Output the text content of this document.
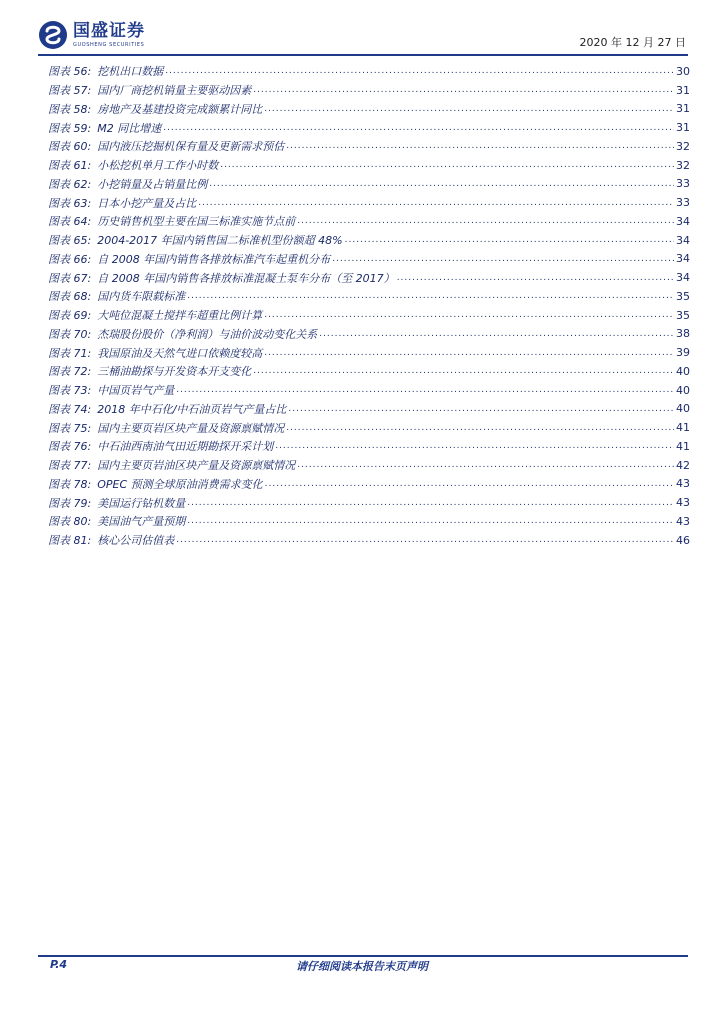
国盛证券
GUOSHENG SECURITIES	2020 年 12 月 27 日
图表 56: 挖机出口数据 .....	30
图表 57: 国内厂商挖机销量主要驱动因素 .....	31
图表 58: 房地产及基建投资完成额累计同比 .....	31
图表 59: M2 同比增速 .....	31
图表 60: 国内液压挖掘机保有量及更新需求预估 .....	32
图表 61: 小松挖机单月工作小时数 .....	32
图表 62: 小挖销量及占销量比例 .....	33
图表 63: 日本小挖产量及占比 .....	33
图表 64: 历史销售机型主要在国三标准实施节点前 .....	34
图表 65: 2004-2017 年国内销售国二标准机型份额超 48% .....	34
图表 66: 自 2008 年国内销售各排放标准汽车起重机分布 .....	34
图表 67: 自 2008 年国内销售各排放标准混凝土泵车分布（至 2017） .....	34
图表 68: 国内货车限载标准 .....	35
图表 69: 大吨位混凝土搅拌车超重比例计算 .....	35
图表 70: 杰瑞股份股价（净利润）与油价波动变化关系 .....	38
图表 71: 我国原油及天然气进口依赖度较高 .....	39
图表 72: 三桶油勘探与开发资本开支变化 .....	40
图表 73: 中国页岩气产量 .....	40
图表 74: 2018 年中石化/中石油页岩气产量占比 .....	40
图表 75: 国内主要页岩区块产量及资源禀赋情况 .....	41
图表 76: 中石油西南油气田近期勘探开采计划 .....	41
图表 77: 国内主要页岩油区块产量及资源禀赋情况 .....	42
图表 78: OPEC 预测全球原油消费需求变化 .....	43
图表 79: 美国运行钻机数量 .....	43
图表 80: 美国油气产量预期 .....	43
图表 81: 核心公司估值表 .....	46
P.4	请仔细阅读本报告末页声明
